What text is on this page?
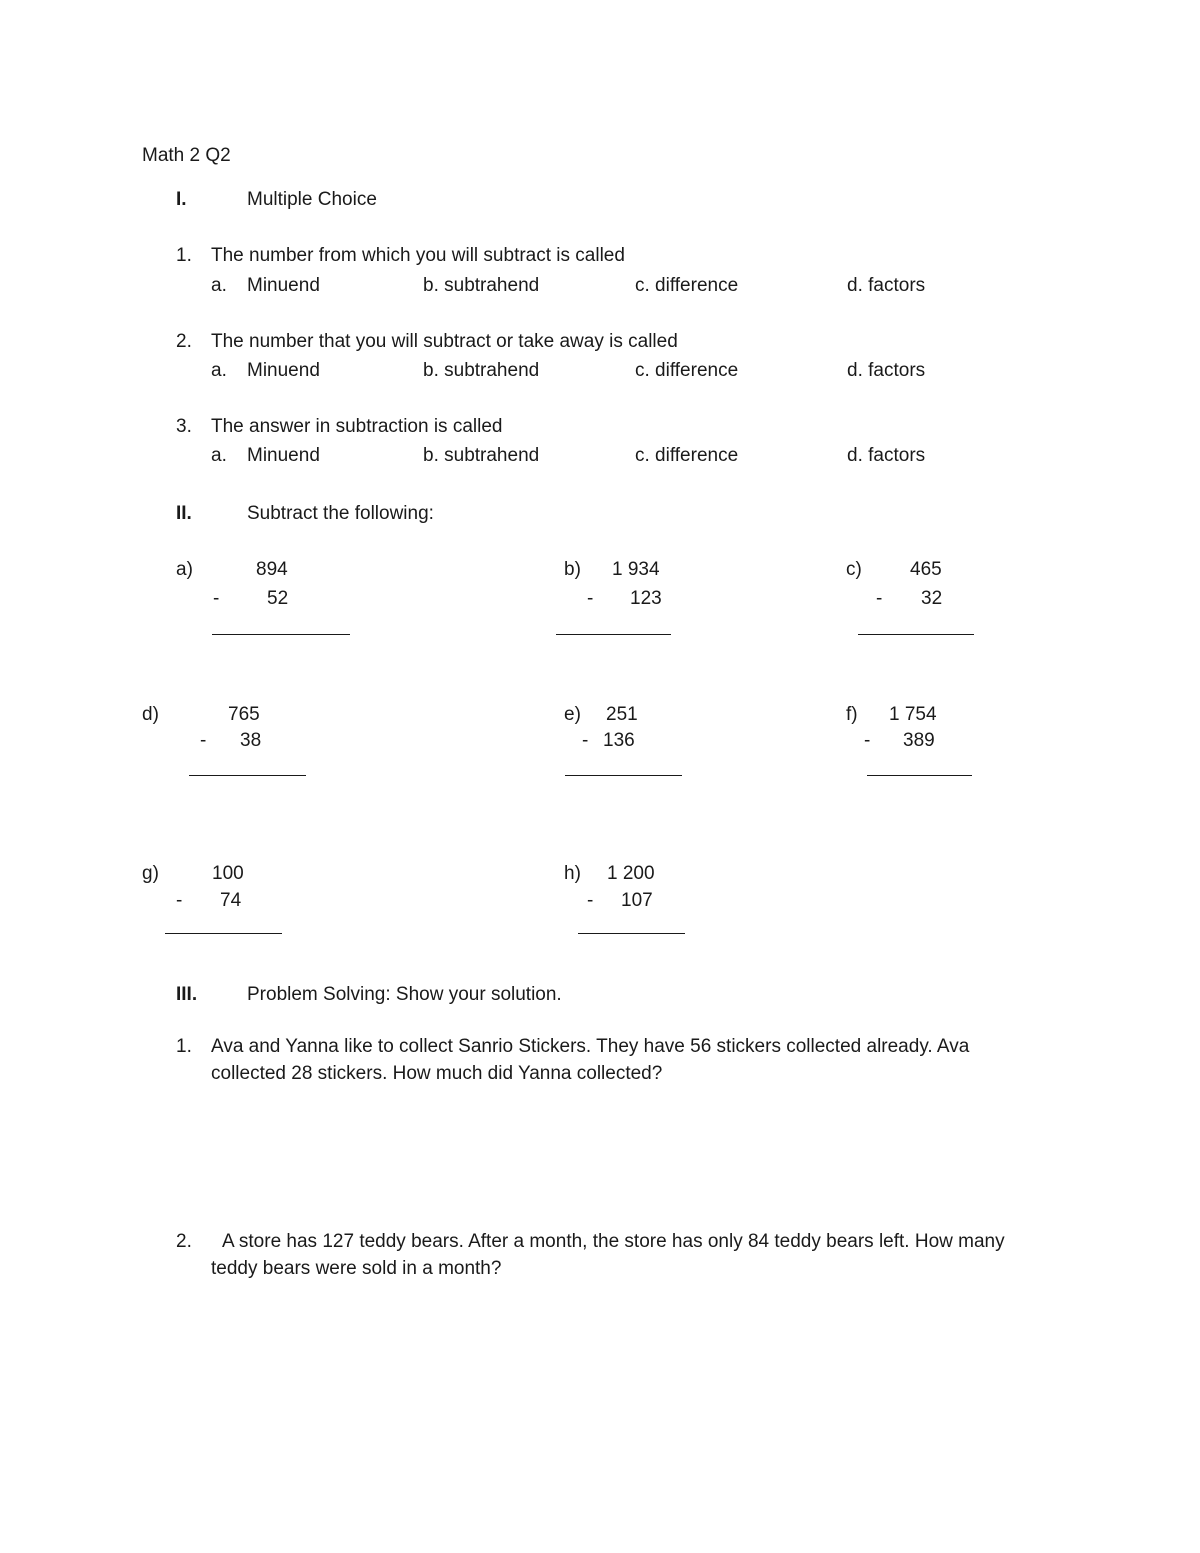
Math 2 Q2
I.	Multiple Choice
1. The number from which you will subtract is called
a. Minuend	b. subtrahend	c. difference	d. factors
2. The number that you will subtract or take away is called
a. Minuend	b. subtrahend	c. difference	d. factors
3. The answer in subtraction is called
a. Minuend	b. subtrahend	c. difference	d. factors
II.	Subtract the following:
a)	894
-	52
b) 1 934
- 123
c)	465
- 32
d)	765
- 38
e) 251
- 136
f) 1 754
- 389
g)	100
- 74
h) 1 200
- 107
III.	Problem Solving: Show your solution.
1. Ava and Yanna like to collect Sanrio Stickers. They have 56 stickers collected already. Ava
collected 28 stickers. How much did Yanna collected?
2. A store has 127 teddy bears. After a month, the store has only 84 teddy bears left. How many
teddy bears were sold in a month?
